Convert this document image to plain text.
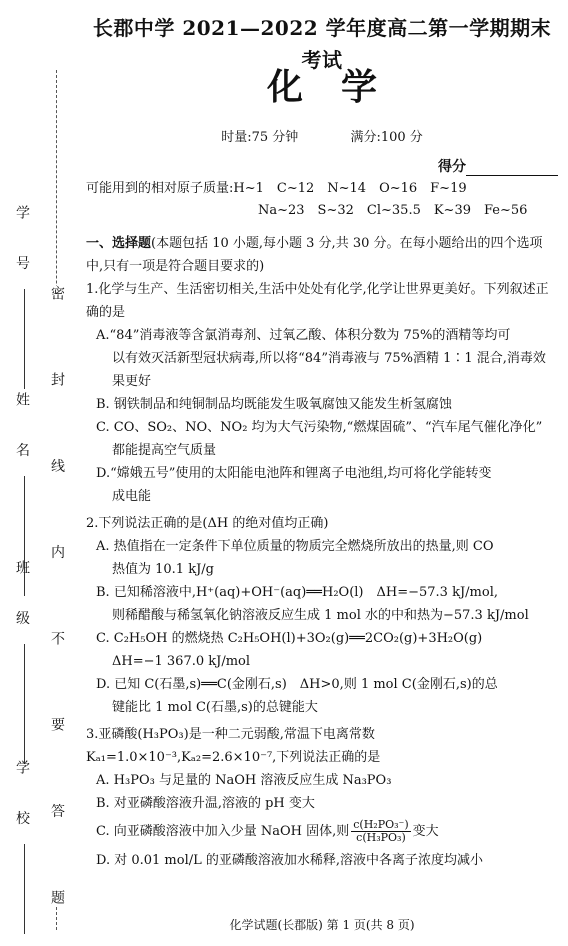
学 号
姓 名
班 级
学 校 密 封 线 内 不 要 答 题
长郡中学 2021—2022 学年度高二第一学期期末考试
化学
时量:75 分钟	满分:100 分
得分
可能用到的相对原子质量:H~1　C~12　N~14　O~16　F~19
Na~23　S~32　Cl~35.5　K~39　Fe~56
一、选择题(本题包括 10 小题,每小题 3 分,共 30 分。在每小题给出的四个选项中,只有一项是符合题目要求的)
1.化学与生产、生活密切相关,生活中处处有化学,化学让世界更美好。下列叙述正确的是
A.“84”消毒液等含氯消毒剂、过氧乙酸、体积分数为 75%的酒精等均可
以有效灭活新型冠状病毒,所以将“84”消毒液与 75%酒精 1∶1 混合,消毒效果更好
B. 钢铁制品和纯铜制品均既能发生吸氧腐蚀又能发生析氢腐蚀
C. CO、SO₂、NO、NO₂ 均为大气污染物,“燃煤固硫”、“汽车尾气催化净化”
都能提高空气质量
D.“嫦娥五号”使用的太阳能电池阵和锂离子电池组,均可将化学能转变
成电能
2.下列说法正确的是(ΔH 的绝对值均正确)
A. 热值指在一定条件下单位质量的物质完全燃烧所放出的热量,则 CO
热值为 10.1 kJ/g
B. 已知稀溶液中,H⁺(aq)+OH⁻(aq)══H₂O(l)　ΔH=−57.3 kJ/mol,
则稀醋酸与稀氢氧化钠溶液反应生成 1 mol 水的中和热为−57.3 kJ/mol
C. C₂H₅OH 的燃烧热 C₂H₅OH(l)+3O₂(g)══2CO₂(g)+3H₂O(g)
ΔH=−1 367.0 kJ/mol
D. 已知 C(石墨,s)══C(金刚石,s)　ΔH>0,则 1 mol C(金刚石,s)的总
键能比 1 mol C(石墨,s)的总键能大
3.亚磷酸(H₃PO₃)是一种二元弱酸,常温下电离常数 Kₐ₁=1.0×10⁻³,Kₐ₂=2.6×10⁻⁷,下列说法正确的是
A. H₃PO₃ 与足量的 NaOH 溶液反应生成 Na₃PO₃
B. 对亚磷酸溶液升温,溶液的 pH 变大
C. 向亚磷酸溶液中加入少量 NaOH 固体,则 $\frac{\text{c(H₂PO₃⁻)}}{\text{c(H₃PO₃)}}$ 变大
D. 对 0.01 mol/L 的亚磷酸溶液加水稀释,溶液中各离子浓度均减小
化学试题(长郡版) 第 1 页(共 8 页)
